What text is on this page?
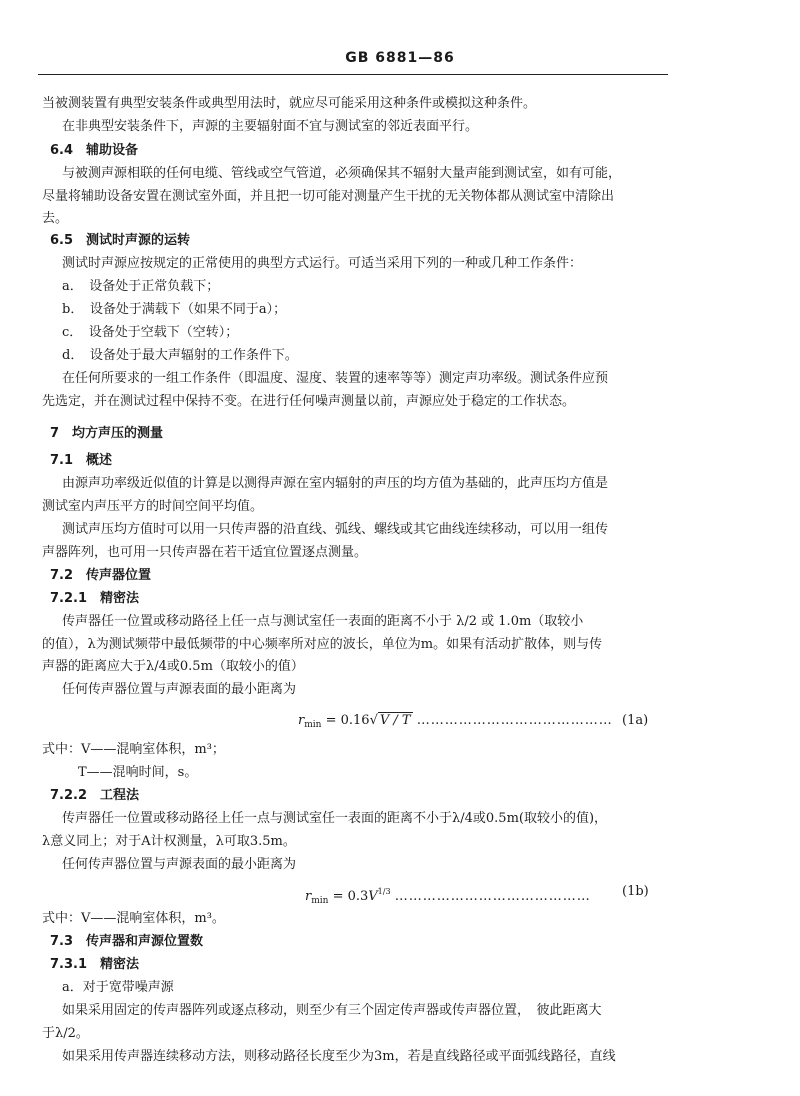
GB 6881—86
当被测装置有典型安装条件或典型用法时，就应尽可能采用这种条件或模拟这种条件。
在非典型安装条件下，声源的主要辐射面不宜与测试室的邻近表面平行。
6.4　辅助设备
与被测声源相联的任何电缆、管线或空气管道，必须确保其不辐射大量声能到测试室，如有可能，
尽量将辅助设备安置在测试室外面，并且把一切可能对测量产生干扰的无关物体都从测试室中清除出
去。
6.5　测试时声源的运转
测试时声源应按规定的正常使用的典型方式运行。可适当采用下列的一种或几种工作条件：
a．　设备处于正常负载下；
b．　设备处于满载下（如果不同于a）；
c．　设备处于空载下（空转）；
d．　设备处于最大声辐射的工作条件下。
在任何所要求的一组工作条件（即温度、湿度、装置的速率等等）测定声功率级。测试条件应预
先选定，并在测试过程中保持不变。在进行任何噪声测量以前，声源应处于稳定的工作状态。
7　均方声压的测量
7.1　概述
由源声功率级近似值的计算是以测得声源在室内辐射的声压的均方值为基础的，此声压均方值是
测试室内声压平方的时间空间平均值。
测试声压均方值时可以用一只传声器的沿直线、弧线、螺线或其它曲线连续移动，可以用一组传
声器阵列，也可用一只传声器在若干适宜位置逐点测量。
7.2　传声器位置
7.2.1　精密法
传声器任一位置或移动路径上任一点与测试室任一表面的距离不小于 λ/2 或 1.0m（取较小
的值），λ为测试频带中最低频带的中心频率所对应的波长，单位为m。如果有活动扩散体，则与传
声器的距离应大于λ/4或0.5m（取较小的值）
任何传声器位置与声源表面的最小距离为
$r_{min} = 0.16√$ V / T …………………………………… (1a)
式中：V——混响室体积，m³；
T——混响时间，s。
7.2.2　工程法
传声器任一位置或移动路径上任一点与测试室任一表面的距离不小于λ/4或0.5m(取较小的值)，
λ意义同上；对于A计权测量，λ可取3.5m。
任何传声器位置与声源表面的最小距离为
$r_{min} = 0.3V^{1/3}$ …………………………………… (1b)
式中：V——混响室体积，m³。
7.3　传声器和声源位置数
7.3.1　精密法
a．对于宽带噪声源
如果采用固定的传声器阵列或逐点移动，则至少有三个固定传声器或传声器位置，　彼此距离大
于λ/2。
如果采用传声器连续移动方法，则移动路径长度至少为3m，若是直线路径或平面弧线路径，直线
